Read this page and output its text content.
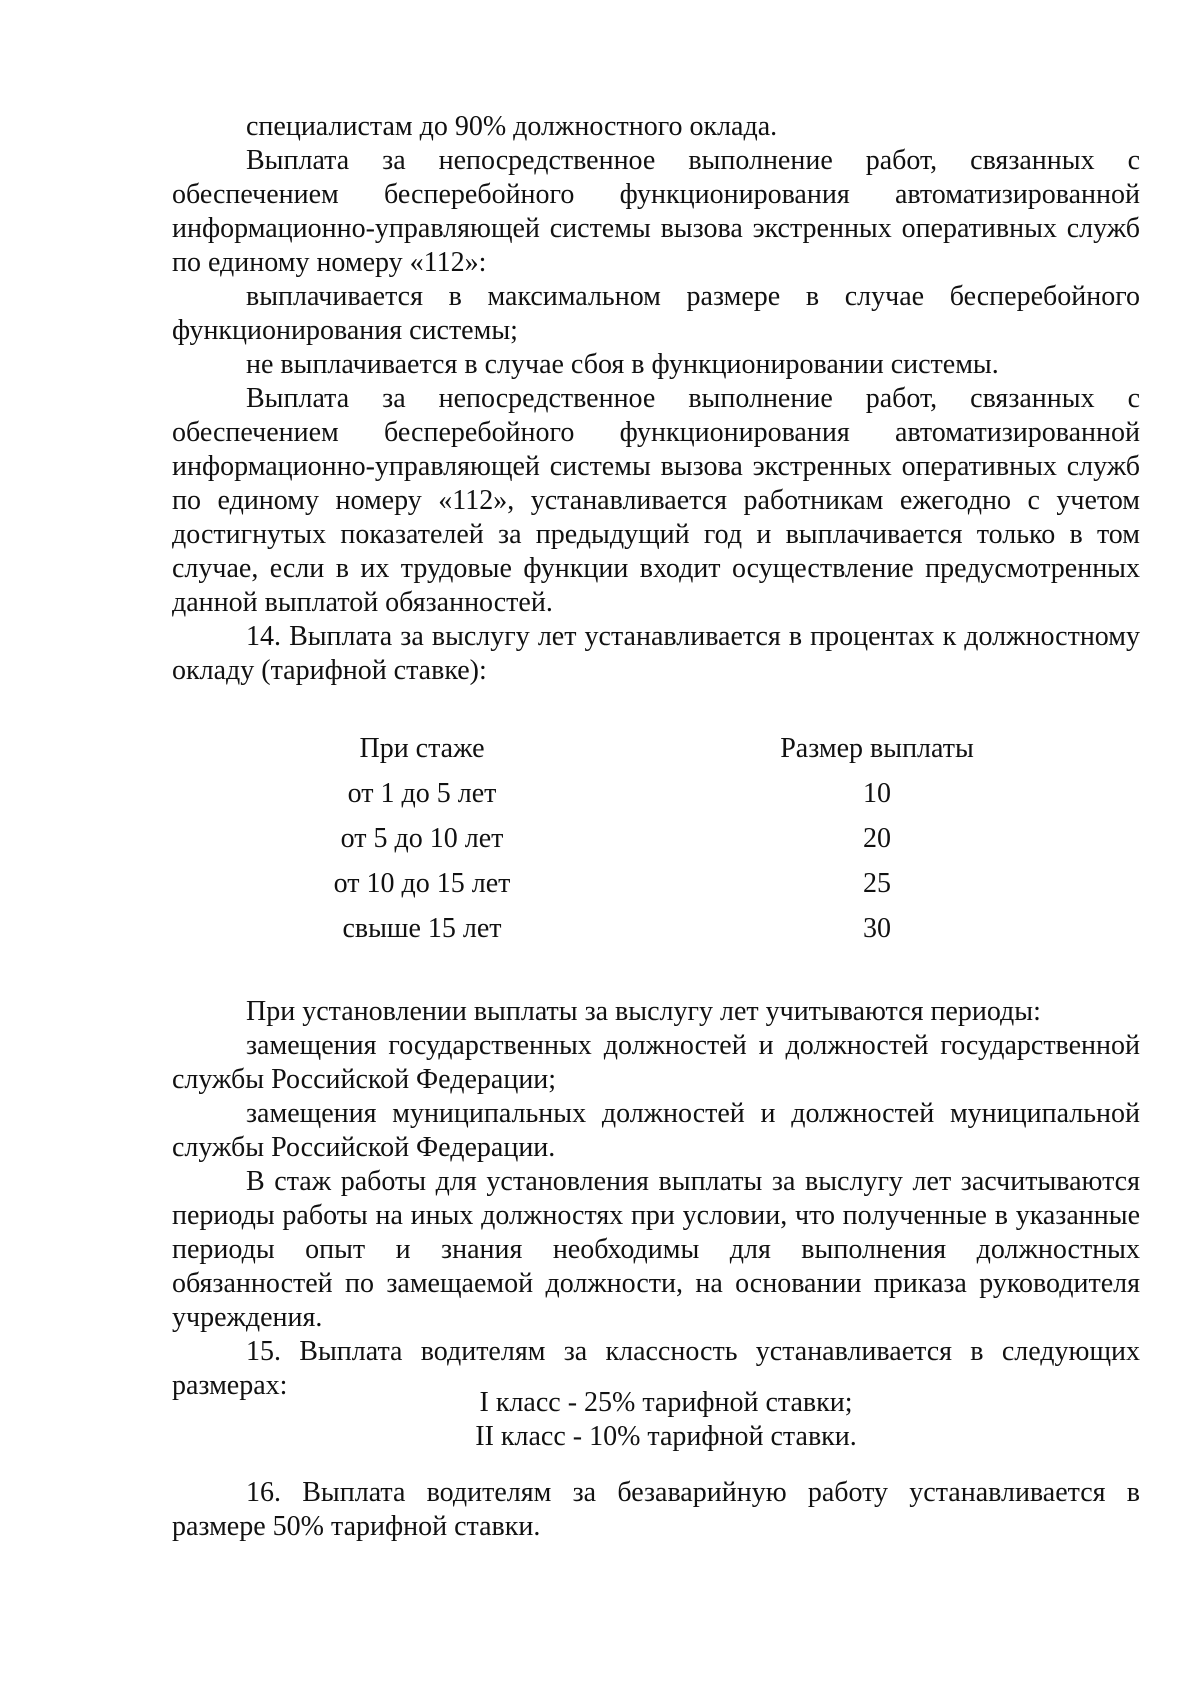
специалистам до 90% должностного оклада.

Выплата за непосредственное выполнение работ, связанных с обеспечением бесперебойного функционирования автоматизированной информационно-управляющей системы вызова экстренных оперативных служб по единому номеру «112»:

выплачивается в максимальном размере в случае бесперебойного функционирования системы;

не выплачивается в случае сбоя в функционировании системы.

Выплата за непосредственное выполнение работ, связанных с обеспечением бесперебойного функционирования автоматизированной информационно-управляющей системы вызова экстренных оперативных служб по единому номеру «112», устанавливается работникам ежегодно с учетом достигнутых показателей за предыдущий год и выплачивается только в том случае, если в их трудовые функции входит осуществление предусмотренных данной выплатой обязанностей.

14. Выплата за выслугу лет устанавливается в процентах к должностному окладу (тарифной ставке):

При стаже	Размер выплаты
от 1 до 5 лет	10
от 5 до 10 лет	20
от 10 до 15 лет	25
свыше 15 лет	30

При установлении выплаты за выслугу лет учитываются периоды:

замещения государственных должностей и должностей государственной службы Российской Федерации;

замещения муниципальных должностей и должностей муниципальной службы Российской Федерации.

В стаж работы для установления выплаты за выслугу лет засчитываются периоды работы на иных должностях при условии, что полученные в указанные периоды опыт и знания необходимы для выполнения должностных обязанностей по замещаемой должности, на основании приказа руководителя учреждения.

15. Выплата водителям за классность устанавливается в следующих размерах:

I класс - 25% тарифной ставки;
II класс - 10% тарифной ставки.

16. Выплата водителям за безаварийную работу устанавливается в размере 50% тарифной ставки.
